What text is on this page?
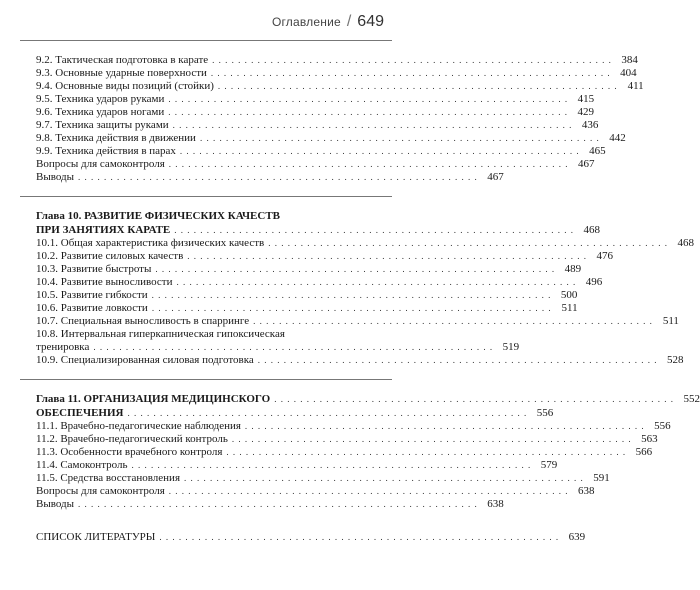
Оглавление / 649
9.2. Тактическая подготовка в карате . . . . . . . . . . . . . . . . . . . . . . . . . . . . . . . . . . . . . . . . . . . . . . . . . . . . . . . . . . . . . . 384
9.3. Основные ударные поверхности . . . . . . . . . . . . . . . . . . . . . . . . . . . . . . . . . . . . . . . . . . . . . . . . . . . . . . . . . . . . . . 404
9.4. Основные виды позиций (стойки) . . . . . . . . . . . . . . . . . . . . . . . . . . . . . . . . . . . . . . . . . . . . . . . . . . . . . . . . . . . . . . 411
9.5. Техника ударов руками . . . . . . . . . . . . . . . . . . . . . . . . . . . . . . . . . . . . . . . . . . . . . . . . . . . . . . . . . . . . . . 415
9.6. Техника ударов ногами . . . . . . . . . . . . . . . . . . . . . . . . . . . . . . . . . . . . . . . . . . . . . . . . . . . . . . . . . . . . . . 429
9.7. Техника защиты руками . . . . . . . . . . . . . . . . . . . . . . . . . . . . . . . . . . . . . . . . . . . . . . . . . . . . . . . . . . . . . . 436
9.8. Техника действия в движении . . . . . . . . . . . . . . . . . . . . . . . . . . . . . . . . . . . . . . . . . . . . . . . . . . . . . . . . . . . . . . 442
9.9. Техника действия в парах . . . . . . . . . . . . . . . . . . . . . . . . . . . . . . . . . . . . . . . . . . . . . . . . . . . . . . . . . . . . . . 465
Вопросы для самоконтроля . . . . . . . . . . . . . . . . . . . . . . . . . . . . . . . . . . . . . . . . . . . . . . . . . . . . . . . . . . . . . . 467
Выводы . . . . . . . . . . . . . . . . . . . . . . . . . . . . . . . . . . . . . . . . . . . . . . . . . . . . . . . . . . . . . . 467
Глава 10. РАЗВИТИЕ ФИЗИЧЕСКИХ КАЧЕСТВ
ПРИ ЗАНЯТИЯХ КАРАТЕ . . . . . . . . . . . . . . . . . . . . . . . . . . . . . . . . . . . . . . . . . . . . . . . . . . . . . . . . . . . . . . 468
10.1. Общая характеристика физических качеств . . . . . . . . . . . . . . . . . . . . . . . . . . . . . . . . . . . . . . . . . . . . . . . . . . . . . . . . . . . . . . 468
10.2. Развитие силовых качеств . . . . . . . . . . . . . . . . . . . . . . . . . . . . . . . . . . . . . . . . . . . . . . . . . . . . . . . . . . . . . . 476
10.3. Развитие быстроты . . . . . . . . . . . . . . . . . . . . . . . . . . . . . . . . . . . . . . . . . . . . . . . . . . . . . . . . . . . . . . 489
10.4. Развитие выносливости . . . . . . . . . . . . . . . . . . . . . . . . . . . . . . . . . . . . . . . . . . . . . . . . . . . . . . . . . . . . . . 496
10.5. Развитие гибкости . . . . . . . . . . . . . . . . . . . . . . . . . . . . . . . . . . . . . . . . . . . . . . . . . . . . . . . . . . . . . . 500
10.6. Развитие ловкости . . . . . . . . . . . . . . . . . . . . . . . . . . . . . . . . . . . . . . . . . . . . . . . . . . . . . . . . . . . . . . 511
10.7. Специальная выносливость в спарринге . . . . . . . . . . . . . . . . . . . . . . . . . . . . . . . . . . . . . . . . . . . . . . . . . . . . . . . . . . . . . . 511
10.8. Интервальная гиперкапническая гипоксическая
тренировка . . . . . . . . . . . . . . . . . . . . . . . . . . . . . . . . . . . . . . . . . . . . . . . . . . . . . . . . . . . . . . 519
10.9. Специализированная силовая подготовка . . . . . . . . . . . . . . . . . . . . . . . . . . . . . . . . . . . . . . . . . . . . . . . . . . . . . . . . . . . . . . 528
Глава 11. ОРГАНИЗАЦИЯ МЕДИЦИНСКОГО . . . . . . . . . . . . . . . . . . . . . . . . . . . . . . . . . . . . . . . . . . . . . . . . . . . . . . . . . . . . . . 552
ОБЕСПЕЧЕНИЯ . . . . . . . . . . . . . . . . . . . . . . . . . . . . . . . . . . . . . . . . . . . . . . . . . . . . . . . . . . . . . . 556
11.1. Врачебно-педагогические наблюдения . . . . . . . . . . . . . . . . . . . . . . . . . . . . . . . . . . . . . . . . . . . . . . . . . . . . . . . . . . . . . . 556
11.2. Врачебно-педагогический контроль . . . . . . . . . . . . . . . . . . . . . . . . . . . . . . . . . . . . . . . . . . . . . . . . . . . . . . . . . . . . . . 563
11.3. Особенности врачебного контроля . . . . . . . . . . . . . . . . . . . . . . . . . . . . . . . . . . . . . . . . . . . . . . . . . . . . . . . . . . . . . . 566
11.4. Самоконтроль . . . . . . . . . . . . . . . . . . . . . . . . . . . . . . . . . . . . . . . . . . . . . . . . . . . . . . . . . . . . . . 579
11.5. Средства восстановления . . . . . . . . . . . . . . . . . . . . . . . . . . . . . . . . . . . . . . . . . . . . . . . . . . . . . . . . . . . . . . 591
Вопросы для самоконтроля . . . . . . . . . . . . . . . . . . . . . . . . . . . . . . . . . . . . . . . . . . . . . . . . . . . . . . . . . . . . . . 638
Выводы . . . . . . . . . . . . . . . . . . . . . . . . . . . . . . . . . . . . . . . . . . . . . . . . . . . . . . . . . . . . . . 638
СПИСОК ЛИТЕРАТУРЫ . . . . . . . . . . . . . . . . . . . . . . . . . . . . . . . . . . . . . . . . . . . . . . . . . . . . . . . . . . . . . . 639
